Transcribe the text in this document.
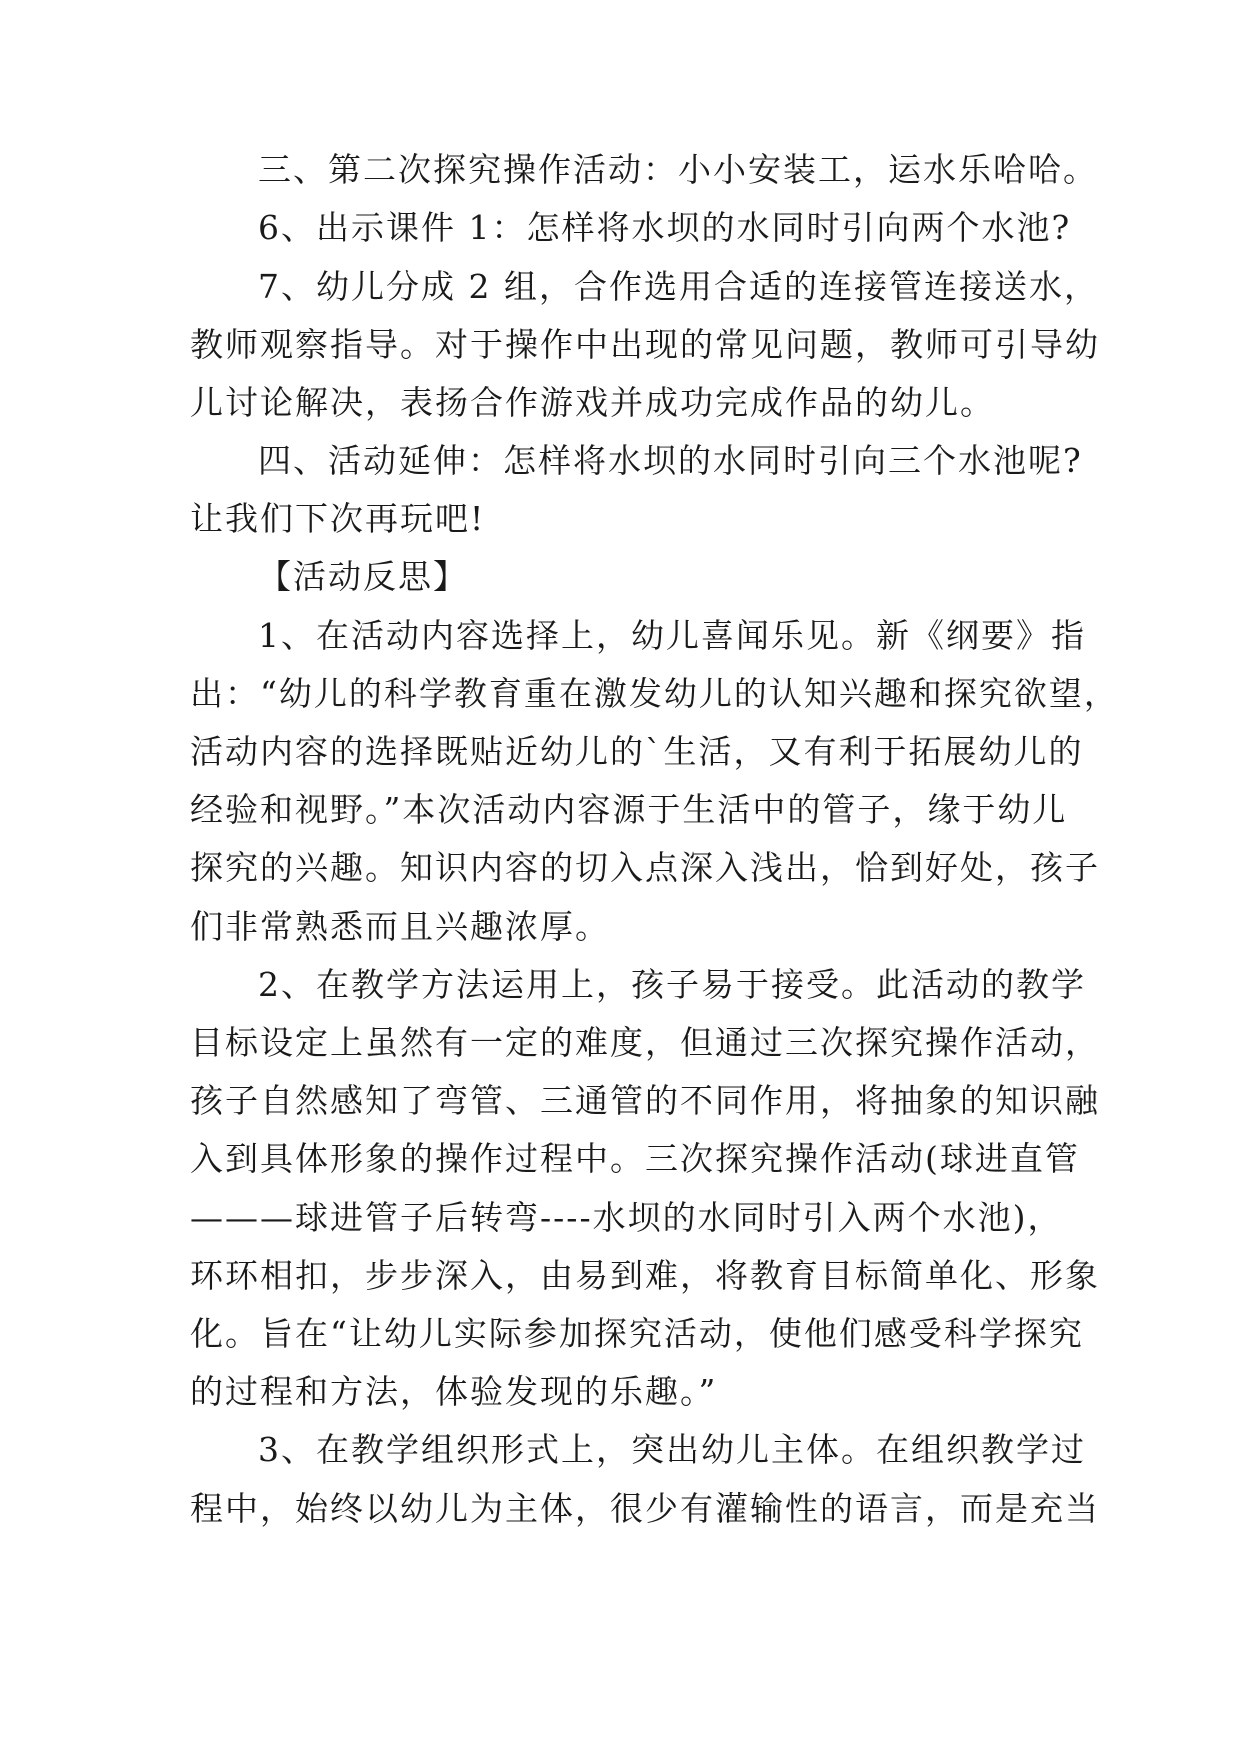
三、第二次探究操作活动：小小安装工，运水乐哈哈。
6、出示课件 1：怎样将水坝的水同时引向两个水池?
7、幼儿分成 2 组，合作选用合适的连接管连接送水，
教师观察指导。对于操作中出现的常见问题，教师可引导幼
儿讨论解决，表扬合作游戏并成功完成作品的幼儿。
四、活动延伸：怎样将水坝的水同时引向三个水池呢?
让我们下次再玩吧!
【活动反思】
1、在活动内容选择上，幼儿喜闻乐见。新《纲要》指
出：“幼儿的科学教育重在激发幼儿的认知兴趣和探究欲望，
活动内容的选择既贴近幼儿的`生活，又有利于拓展幼儿的
经验和视野。”本次活动内容源于生活中的管子，缘于幼儿
探究的兴趣。知识内容的切入点深入浅出，恰到好处，孩子
们非常熟悉而且兴趣浓厚。
2、在教学方法运用上，孩子易于接受。此活动的教学
目标设定上虽然有一定的难度，但通过三次探究操作活动，
孩子自然感知了弯管、三通管的不同作用，将抽象的知识融
入到具体形象的操作过程中。三次探究操作活动(球进直管
———球进管子后转弯----水坝的水同时引入两个水池)，
环环相扣，步步深入，由易到难，将教育目标简单化、形象
化。旨在“让幼儿实际参加探究活动，使他们感受科学探究
的过程和方法，体验发现的乐趣。”
3、在教学组织形式上，突出幼儿主体。在组织教学过
程中，始终以幼儿为主体，很少有灌输性的语言，而是充当
